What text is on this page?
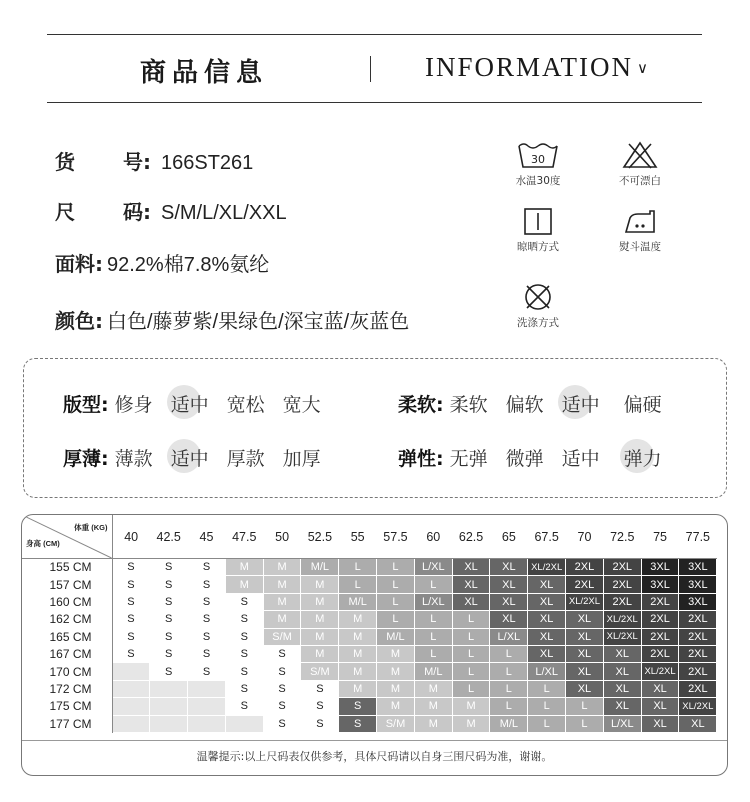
商品信息	INFORMATION ∨
货 号: 166ST261
尺 码: S/M/L/XL/XXL
面料: 92.2%棉7.8%氨纶
颜色: 白色/藤萝紫/果绿色/深宝蓝/灰蓝色
30
水温30度	不可漂白
晾晒方式	熨斗温度
洗涤方式
版型: 修身 适中 宽松 宽大	柔软: 柔软 偏软 适中 偏硬
厚薄: 薄款 适中 厚款 加厚	弹性: 无弹 微弹 适中 弹力
体重 (KG)
身高 (CM)	40	42.5	45	47.5	50	52.5	55	57.5	60	62.5	65	67.5	70	72.5	75	77.5
155 CM	S	S	S	M	M	M/L	L	L	L/XL	XL	XL	XL/2XL	2XL	2XL	3XL	3XL
157 CM	S	S	S	M	M	M	L	L	L	XL	XL	XL	2XL	2XL	3XL	3XL
160 CM	S	S	S	S	M	M	M/L	L	L/XL	XL	XL	XL	XL/2XL	2XL	2XL	3XL
162 CM	S	S	S	S	M	M	M	L	L	L	XL	XL	XL	XL/2XL	2XL	2XL
165 CM	S	S	S	S	S/M	M	M	M/L	L	L	L/XL	XL	XL	XL/2XL	2XL	2XL
167 CM	S	S	S	S	S	M	M	M	L	L	L	XL	XL	XL	2XL	2XL
170 CM		S	S	S	S	S/M	M	M	M/L	L	L	L/XL	XL	XL	XL/2XL	2XL
172 CM				S	S	S	M	M	M	L	L	L	XL	XL	XL	2XL
175 CM				S	S	S	S	M	M	M	L	L	L	XL	XL	XL/2XL
177 CM					S	S	S	S/M	M	M	M/L	L	L	L/XL	XL	XL
温馨提示:以上尺码表仅供参考，具体尺码请以自身三围尺码为准，谢谢。
